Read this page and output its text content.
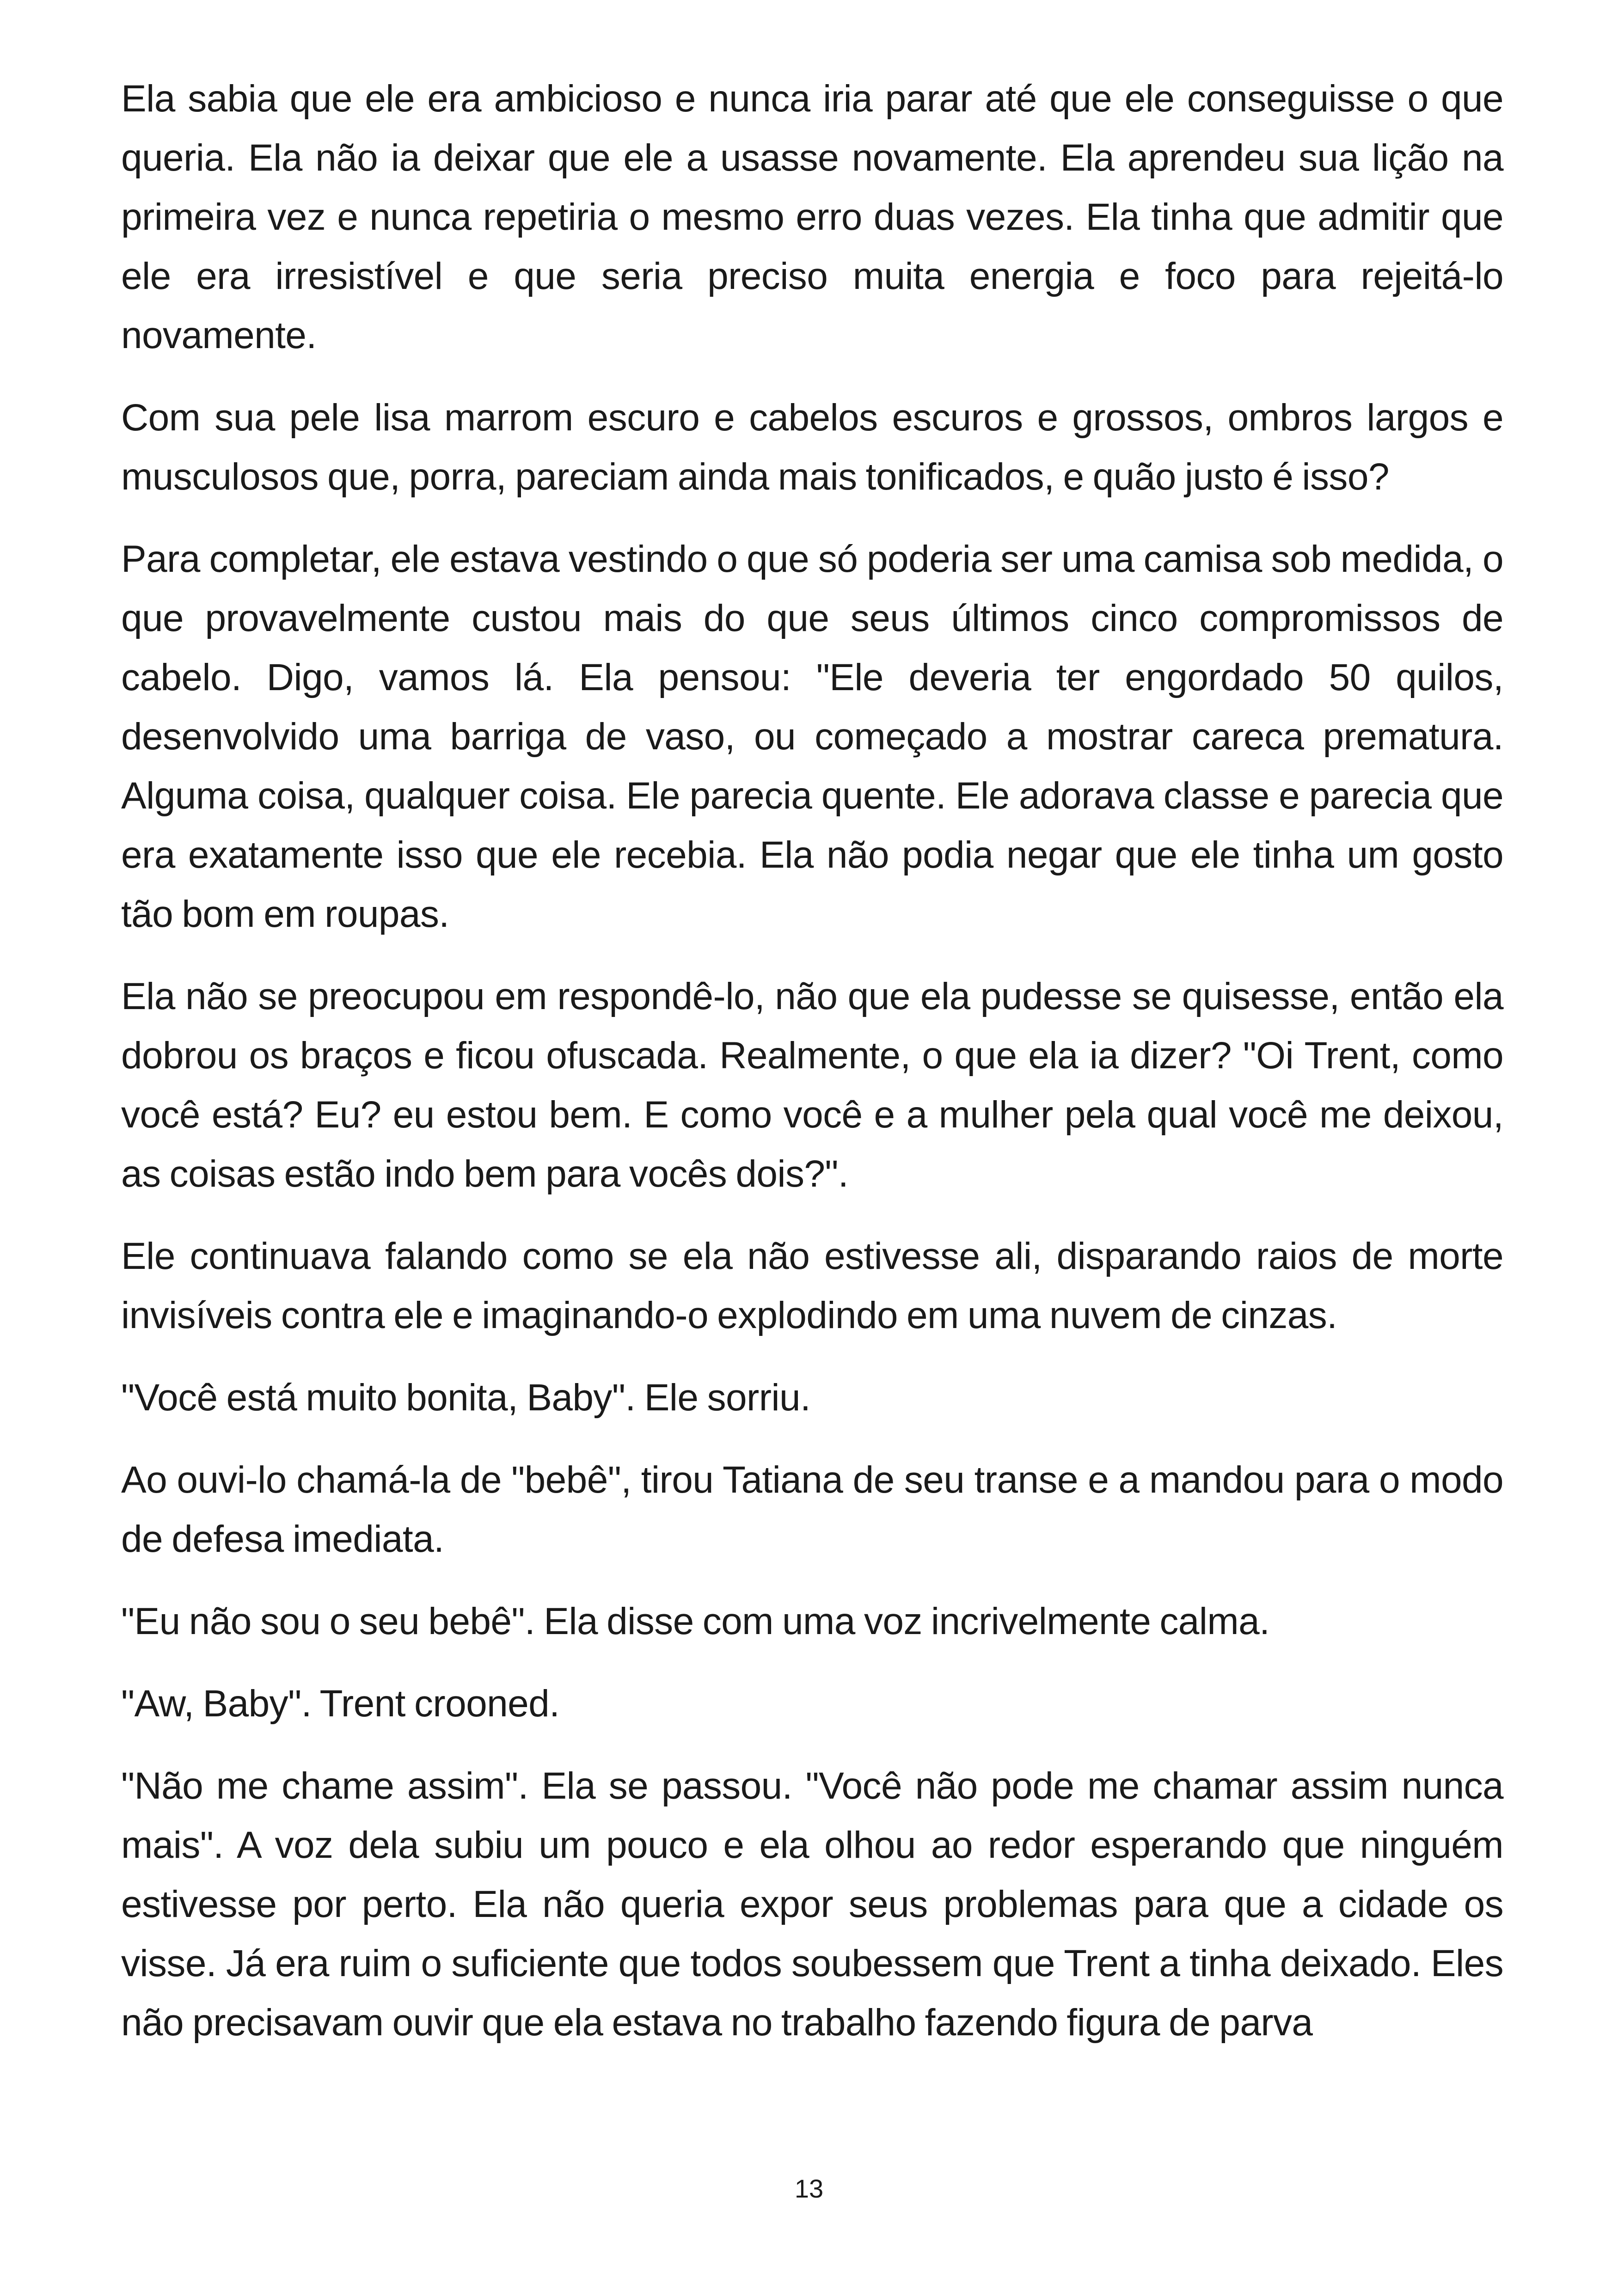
Ela sabia que ele era ambicioso e nunca iria parar até que ele conseguisse o que queria. Ela não ia deixar que ele a usasse novamente. Ela aprendeu sua lição na primeira vez e nunca repetiria o mesmo erro duas vezes. Ela tinha que admitir que ele era irresistível e que seria preciso muita energia e foco para rejeitá-lo novamente.

Com sua pele lisa marrom escuro e cabelos escuros e grossos, ombros largos e musculosos que, porra, pareciam ainda mais tonificados, e quão justo é isso?

Para completar, ele estava vestindo o que só poderia ser uma camisa sob medida, o que provavelmente custou mais do que seus últimos cinco compromissos de cabelo. Digo, vamos lá. Ela pensou: "Ele deveria ter engordado 50 quilos, desenvolvido uma barriga de vaso, ou começado a mostrar careca prematura. Alguma coisa, qualquer coisa. Ele parecia quente. Ele adorava classe e parecia que era exatamente isso que ele recebia. Ela não podia negar que ele tinha um gosto tão bom em roupas.

Ela não se preocupou em respondê-lo, não que ela pudesse se quisesse, então ela dobrou os braços e ficou ofuscada. Realmente, o que ela ia dizer? "Oi Trent, como você está? Eu? eu estou bem. E como você e a mulher pela qual você me deixou, as coisas estão indo bem para vocês dois?".

Ele continuava falando como se ela não estivesse ali, disparando raios de morte invisíveis contra ele e imaginando-o explodindo em uma nuvem de cinzas.

"Você está muito bonita, Baby". Ele sorriu.

Ao ouvi-lo chamá-la de "bebê", tirou Tatiana de seu transe e a mandou para o modo de defesa imediata.

"Eu não sou o seu bebê". Ela disse com uma voz incrivelmente calma.

"Aw, Baby". Trent crooned.

"Não me chame assim". Ela se passou. "Você não pode me chamar assim nunca mais". A voz dela subiu um pouco e ela olhou ao redor esperando que ninguém estivesse por perto. Ela não queria expor seus problemas para que a cidade os visse. Já era ruim o suficiente que todos soubessem que Trent a tinha deixado. Eles não precisavam ouvir que ela estava no trabalho fazendo figura de parva

13
